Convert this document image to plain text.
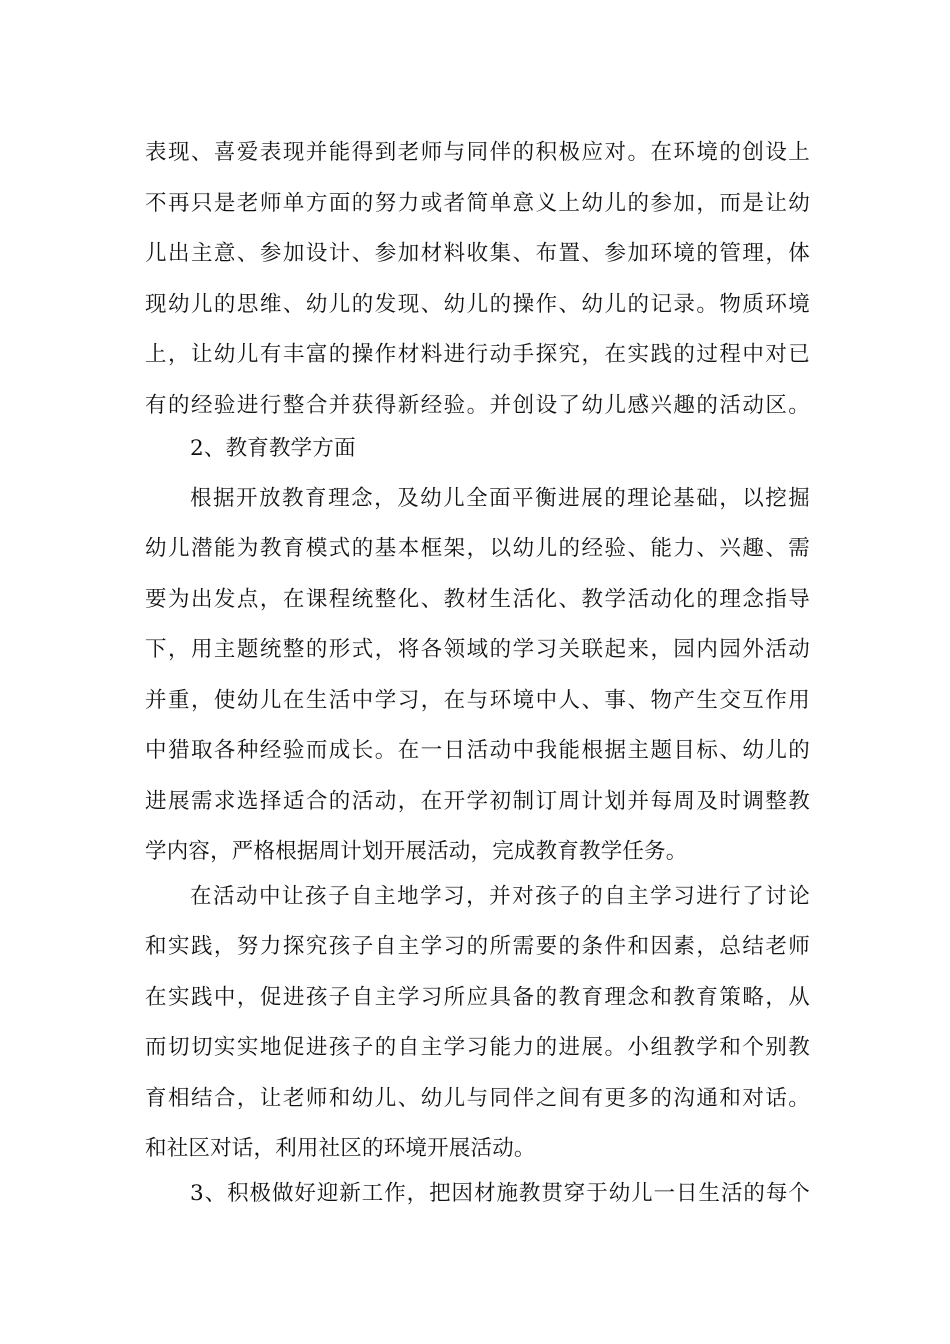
表现、喜爱表现并能得到老师与同伴的积极应对。在环境的创设上
不再只是老师单方面的努力或者简单意义上幼儿的参加，而是让幼
儿出主意、参加设计、参加材料收集、布置、参加环境的管理，体
现幼儿的思维、幼儿的发现、幼儿的操作、幼儿的记录。物质环境
上，让幼儿有丰富的操作材料进行动手探究，在实践的过程中对已
有的经验进行整合并获得新经验。并创设了幼儿感兴趣的活动区。
2、教育教学方面
根据开放教育理念，及幼儿全面平衡进展的理论基础，以挖掘
幼儿潜能为教育模式的基本框架，以幼儿的经验、能力、兴趣、需
要为出发点，在课程统整化、教材生活化、教学活动化的理念指导
下，用主题统整的形式，将各领域的学习关联起来，园内园外活动
并重，使幼儿在生活中学习，在与环境中人、事、物产生交互作用
中猎取各种经验而成长。在一日活动中我能根据主题目标、幼儿的
进展需求选择适合的活动，在开学初制订周计划并每周及时调整教
学内容，严格根据周计划开展活动，完成教育教学任务。
在活动中让孩子自主地学习，并对孩子的自主学习进行了讨论
和实践，努力探究孩子自主学习的所需要的条件和因素，总结老师
在实践中，促进孩子自主学习所应具备的教育理念和教育策略，从
而切切实实地促进孩子的自主学习能力的进展。小组教学和个别教
育相结合，让老师和幼儿、幼儿与同伴之间有更多的沟通和对话。
和社区对话，利用社区的环境开展活动。
3、积极做好迎新工作，把因材施教贯穿于幼儿一日生活的每个
